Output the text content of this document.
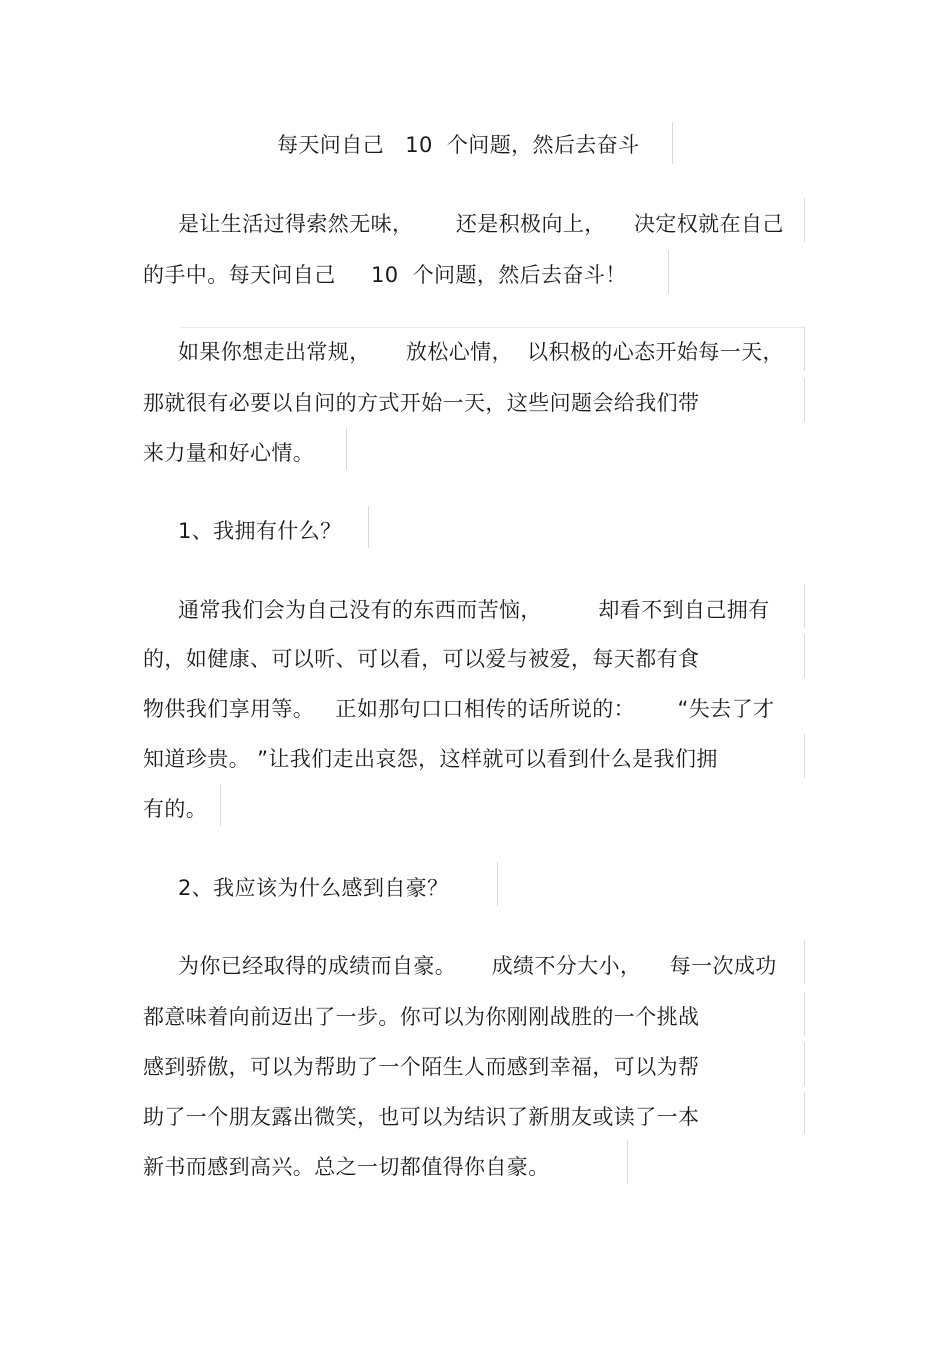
每天问自己   10  个问题，然后去奋斗
是让生活过得索然无味，      还是积极向上，    决定权就在自己
的手中。每天问自己     10  个问题，然后去奋斗！
如果你想走出常规，     放松心情，  以积极的心态开始每一天，
那就很有必要以自问的方式开始一天，这些问题会给我们带
来力量和好心情。
1、我拥有什么？
通常我们会为自己没有的东西而苦恼，        却看不到自己拥有
的，如健康、可以听、可以看，可以爱与被爱，每天都有食
物供我们享用等。   正如那句口口相传的话所说的：      “失去了才
知道珍贵。 ”让我们走出哀怨，这样就可以看到什么是我们拥
有的。
2、我应该为什么感到自豪？
为你已经取得的成绩而自豪。     成绩不分大小，    每一次成功
都意味着向前迈出了一步。你可以为你刚刚战胜的一个挑战
感到骄傲，可以为帮助了一个陌生人而感到幸福，可以为帮
助了一个朋友露出微笑，也可以为结识了新朋友或读了一本
新书而感到高兴。总之一切都值得你自豪。
